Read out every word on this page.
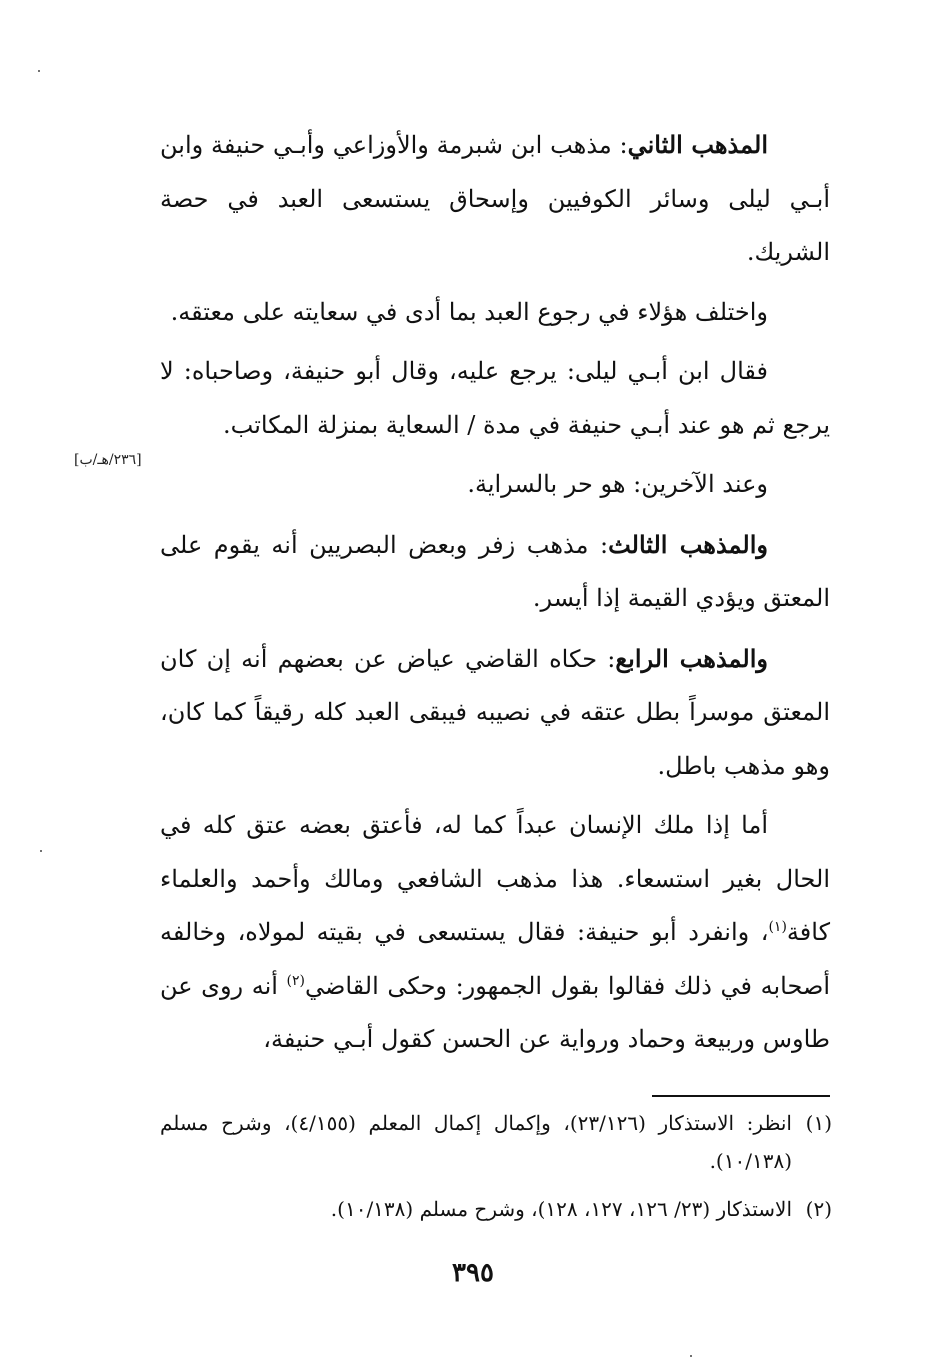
المذهب الثاني: مذهب ابن شبرمة والأوزاعي وأبـي حنيفة وابن أبـي ليلى وسائر الكوفيين وإسحاق يستسعى العبد في حصة الشريك.

واختلف هؤلاء في رجوع العبد بما أدى في سعايته على معتقه.

فقال ابن أبـي ليلى: يرجع عليه، وقال أبو حنيفة، وصاحباه: لا يرجع ثم هو عند أبـي حنيفة في مدة / السعاية بمنزلة المكاتب.

وعند الآخرين: هو حر بالسراية.

والمذهب الثالث: مذهب زفر وبعض البصريين أنه يقوم على المعتق ويؤدي القيمة إذا أيسر.

والمذهب الرابع: حكاه القاضي عياض عن بعضهم أنه إن كان المعتق موسراً بطل عتقه في نصيبه فيبقى العبد كله رقيقاً كما كان، وهو مذهب باطل.

أما إذا ملك الإنسان عبداً كما له، فأعتق بعضه عتق كله في الحال بغير استسعاء. هذا مذهب الشافعي ومالك وأحمد والعلماء كافة$^{(١)}$، وانفرد أبو حنيفة: فقال يستسعى في بقيته لمولاه، وخالفه أصحابه في ذلك فقالوا بقول الجمهور: وحكى القاضي$^{(٢)}$ أنه روى عن طاوس وربيعة وحماد ورواية عن الحسن كقول أبـي حنيفة،

[٢٣٦/هـ/ب]
(١)
انظر: الاستذكار (٢٣/١٢٦)، وإكمال إكمال المعلم (٤/١٥٥)، وشرح مسلم (١٠/١٣٨).
(٢)
الاستذكار (٢٣/ ١٢٦، ١٢٧، ١٢٨)، وشرح مسلم (١٠/١٣٨).
٣٩٥
